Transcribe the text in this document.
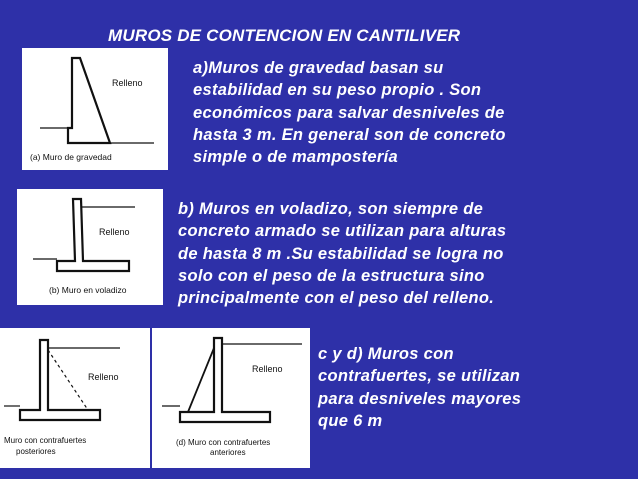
MUROS DE CONTENCION EN CANTILIVER
Relleno
(a) Muro de gravedad
a)Muros de gravedad basan su
estabilidad en su peso propio . Son
económicos para salvar desniveles de
hasta 3 m. En general son de concreto
simple o de mampostería
Relleno
(b) Muro en voladizo
b) Muros en voladizo, son siempre de
concreto armado se utilizan para alturas
de hasta 8 m .Su estabilidad se logra no
solo con el peso de la estructura sino
principalmente con el peso del relleno.
Relleno
Muro con contrafuertes
posteriores
Relleno
(d) Muro con contrafuertes
anteriores
c y d) Muros con
contrafuertes, se utilizan
para desniveles mayores
que 6 m
